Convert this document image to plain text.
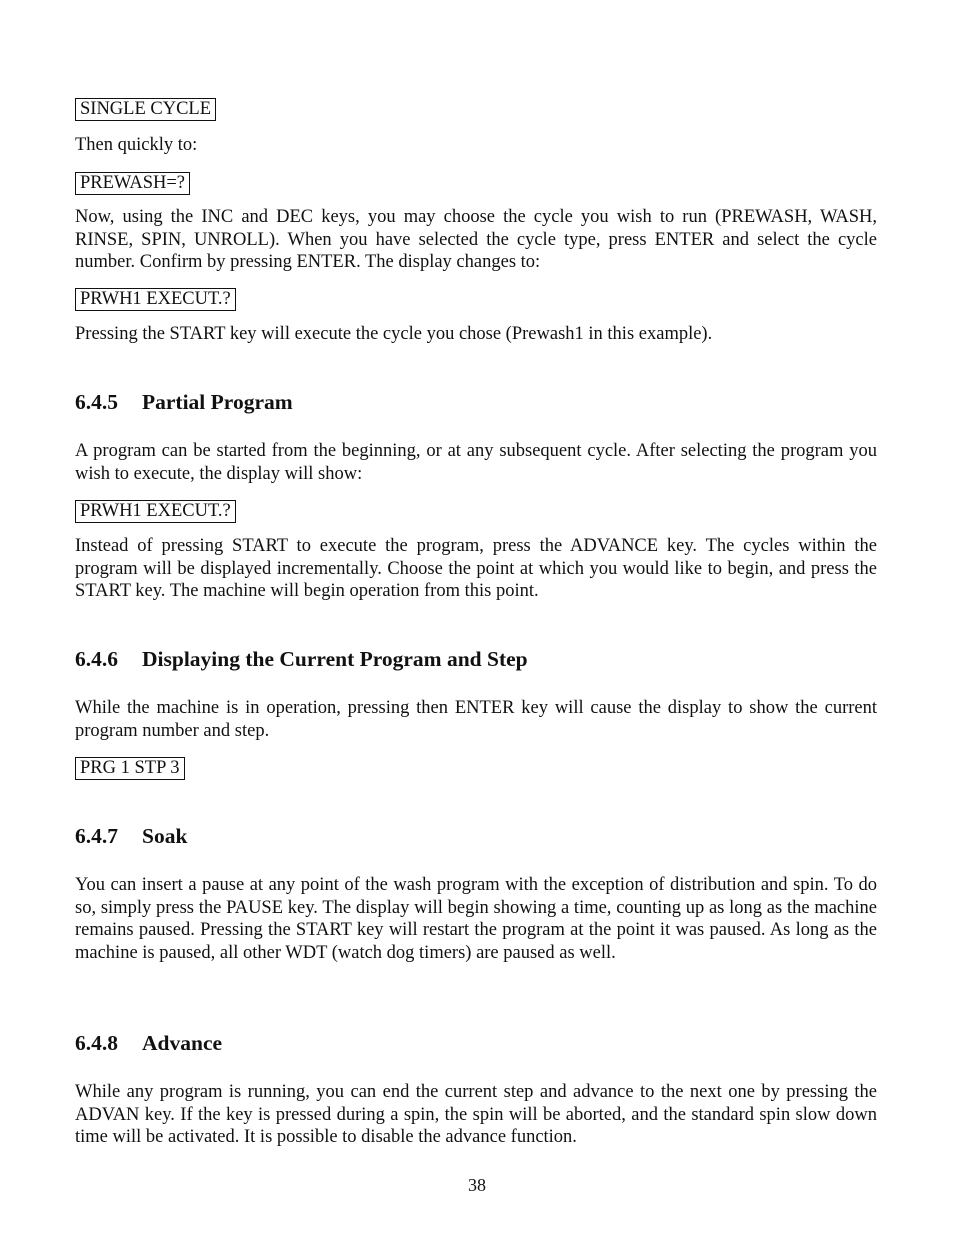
SINGLE CYCLE

Then quickly to:

PREWASH=?

Now, using the INC and DEC keys, you may choose the cycle you wish to run (PREWASH, WASH, RINSE, SPIN, UNROLL). When you have selected the cycle type, press ENTER and select the cycle number. Confirm by pressing ENTER. The display changes to:

PRWH1 EXECUT.?

Pressing the START key will execute the cycle you chose (Prewash1 in this example).

6.4.5 Partial Program

A program can be started from the beginning, or at any subsequent cycle. After selecting the program you wish to execute, the display will show:

PRWH1 EXECUT.?

Instead of pressing START to execute the program, press the ADVANCE key. The cycles within the program will be displayed incrementally. Choose the point at which you would like to begin, and press the START key. The machine will begin operation from this point.

6.4.6 Displaying the Current Program and Step

While the machine is in operation, pressing then ENTER key will cause the display to show the current program number and step.

PRG 1 STP 3
6.4.7 Soak

You can insert a pause at any point of the wash program with the exception of distribution and spin. To do so, simply press the PAUSE key. The display will begin showing a time, counting up as long as the machine remains paused. Pressing the START key will restart the program at the point it was paused. As long as the machine is paused, all other WDT (watch dog timers) are paused as well.

6.4.8 Advance

While any program is running, you can end the current step and advance to the next one by pressing the ADVAN key. If the key is pressed during a spin, the spin will be aborted, and the standard spin slow down time will be activated. It is possible to disable the advance function.

38
